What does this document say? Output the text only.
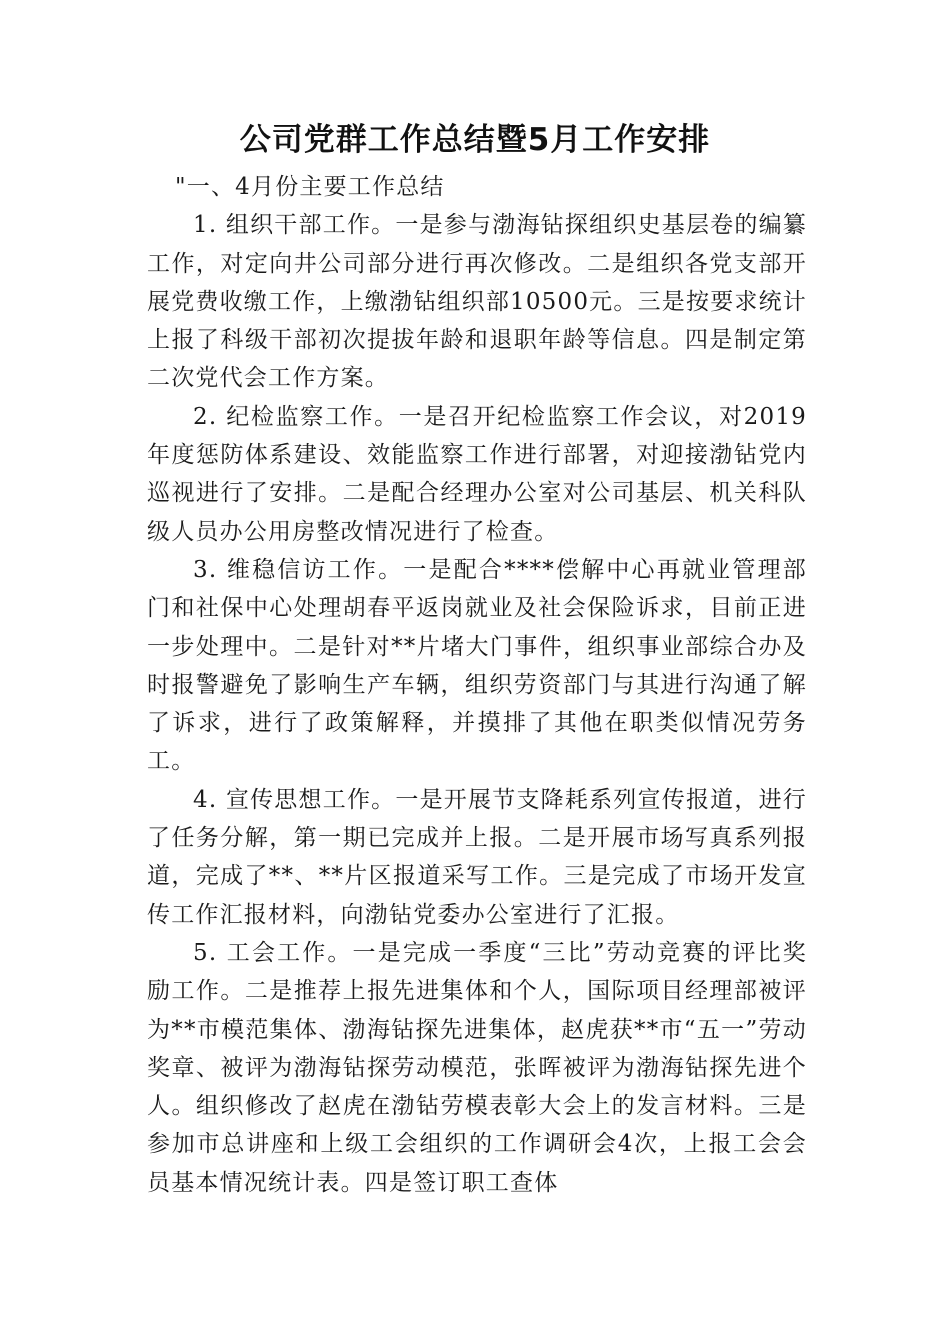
公司党群工作总结暨5月工作安排

"一、4月份主要工作总结

1. 组织干部工作。一是参与渤海钻探组织史基层卷的编纂工作，对定向井公司部分进行再次修改。二是组织各党支部开展党费收缴工作，上缴渤钻组织部10500元。三是按要求统计上报了科级干部初次提拔年龄和退职年龄等信息。四是制定第二次党代会工作方案。

2. 纪检监察工作。一是召开纪检监察工作会议，对2019年度惩防体系建设、效能监察工作进行部署，对迎接渤钻党内巡视进行了安排。二是配合经理办公室对公司基层、机关科队级人员办公用房整改情况进行了检查。

3. 维稳信访工作。一是配合****偿解中心再就业管理部门和社保中心处理胡春平返岗就业及社会保险诉求，目前正进一步处理中。二是针对**片堵大门事件，组织事业部综合办及时报警避免了影响生产车辆，组织劳资部门与其进行沟通了解了诉求，进行了政策解释，并摸排了其他在职类似情况劳务工。

4. 宣传思想工作。一是开展节支降耗系列宣传报道，进行了任务分解，第一期已完成并上报。二是开展市场写真系列报道，完成了**、**片区报道采写工作。三是完成了市场开发宣传工作汇报材料，向渤钻党委办公室进行了汇报。

5. 工会工作。一是完成一季度“三比”劳动竞赛的评比奖励工作。二是推荐上报先进集体和个人，国际项目经理部被评为**市模范集体、渤海钻探先进集体，赵虎获**市“五一”劳动奖章、被评为渤海钻探劳动模范，张晖被评为渤海钻探先进个人。组织修改了赵虎在渤钻劳模表彰大会上的发言材料。三是参加市总讲座和上级工会组织的工作调研会4次，上报工会会员基本情况统计表。四是签订职工查体
